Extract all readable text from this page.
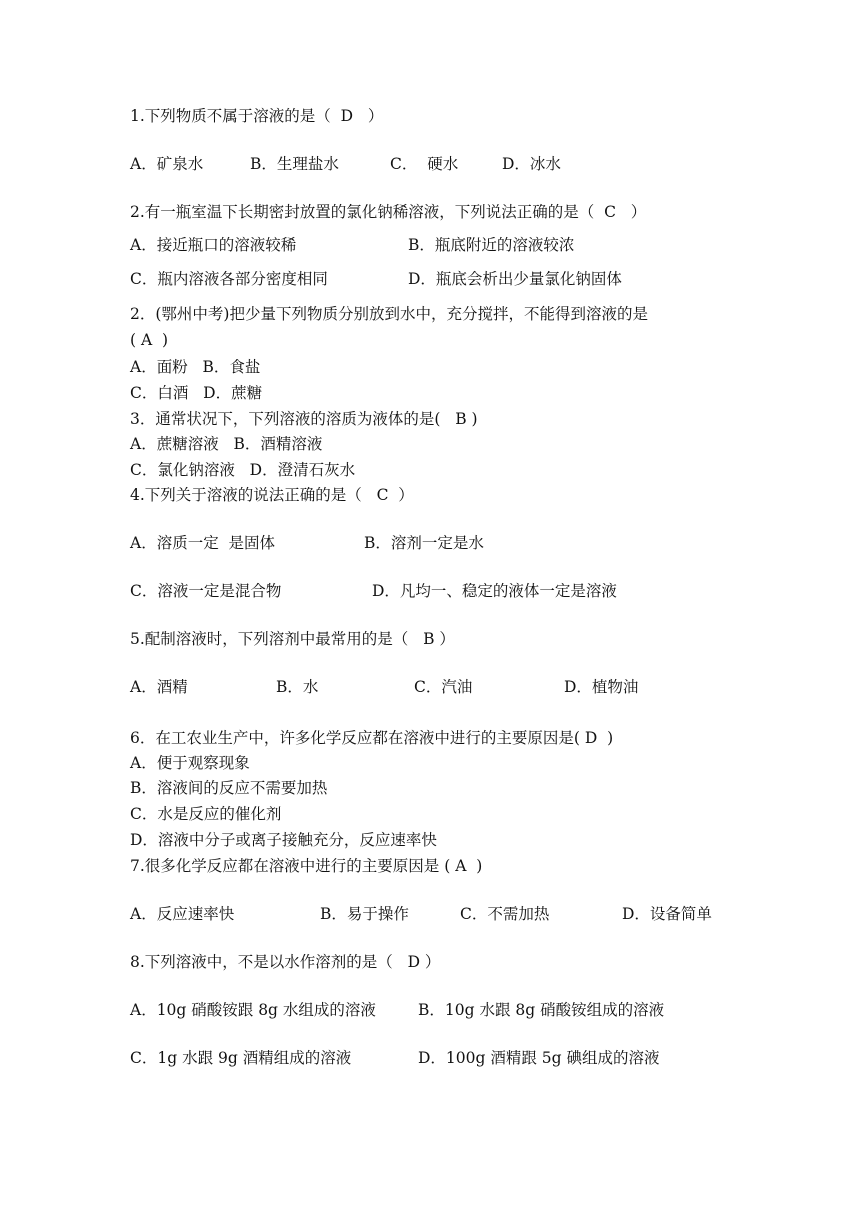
1.下列物质不属于溶液的是（  D   ）
A．矿泉水	B．生理盐水	C．  硬水	D．冰水
2.有一瓶室温下长期密封放置的氯化钠稀溶液，下列说法正确的是（  C   ）
A．接近瓶口的溶液较稀	B．瓶底附近的溶液较浓
C．瓶内溶液各部分密度相同	D．瓶底会析出少量氯化钠固体
2．(鄂州中考)把少量下列物质分别放到水中，充分搅拌，不能得到溶液的是
( A  )
A．面粉   B．食盐
C．白酒   D．蔗糖
3．通常状况下，下列溶液的溶质为液体的是(   B )
A．蔗糖溶液   B．酒精溶液
C．氯化钠溶液   D．澄清石灰水
4.下列关于溶液的说法正确的是（   C  ）
A．溶质一定  是固体	B．溶剂一定是水
C．溶液一定是混合物	D．凡均一、稳定的液体一定是溶液
5.配制溶液时，下列溶剂中最常用的是（   B ）
A．酒精	B．水	C．汽油	D．植物油
6．在工农业生产中，许多化学反应都在溶液中进行的主要原因是( D  )
A．便于观察现象
B．溶液间的反应不需要加热
C．水是反应的催化剂
D．溶液中分子或离子接触充分，反应速率快
7.很多化学反应都在溶液中进行的主要原因是 ( A  )
A．反应速率快	B．易于操作	C．不需加热	D．设备简单
8.下列溶液中，不是以水作溶剂的是（   D ）
A．10g 硝酸铵跟 8g 水组成的溶液	B．10g 水跟 8g 硝酸铵组成的溶液
C．1g 水跟 9g 酒精组成的溶液	D．100g 酒精跟 5g 碘组成的溶液
